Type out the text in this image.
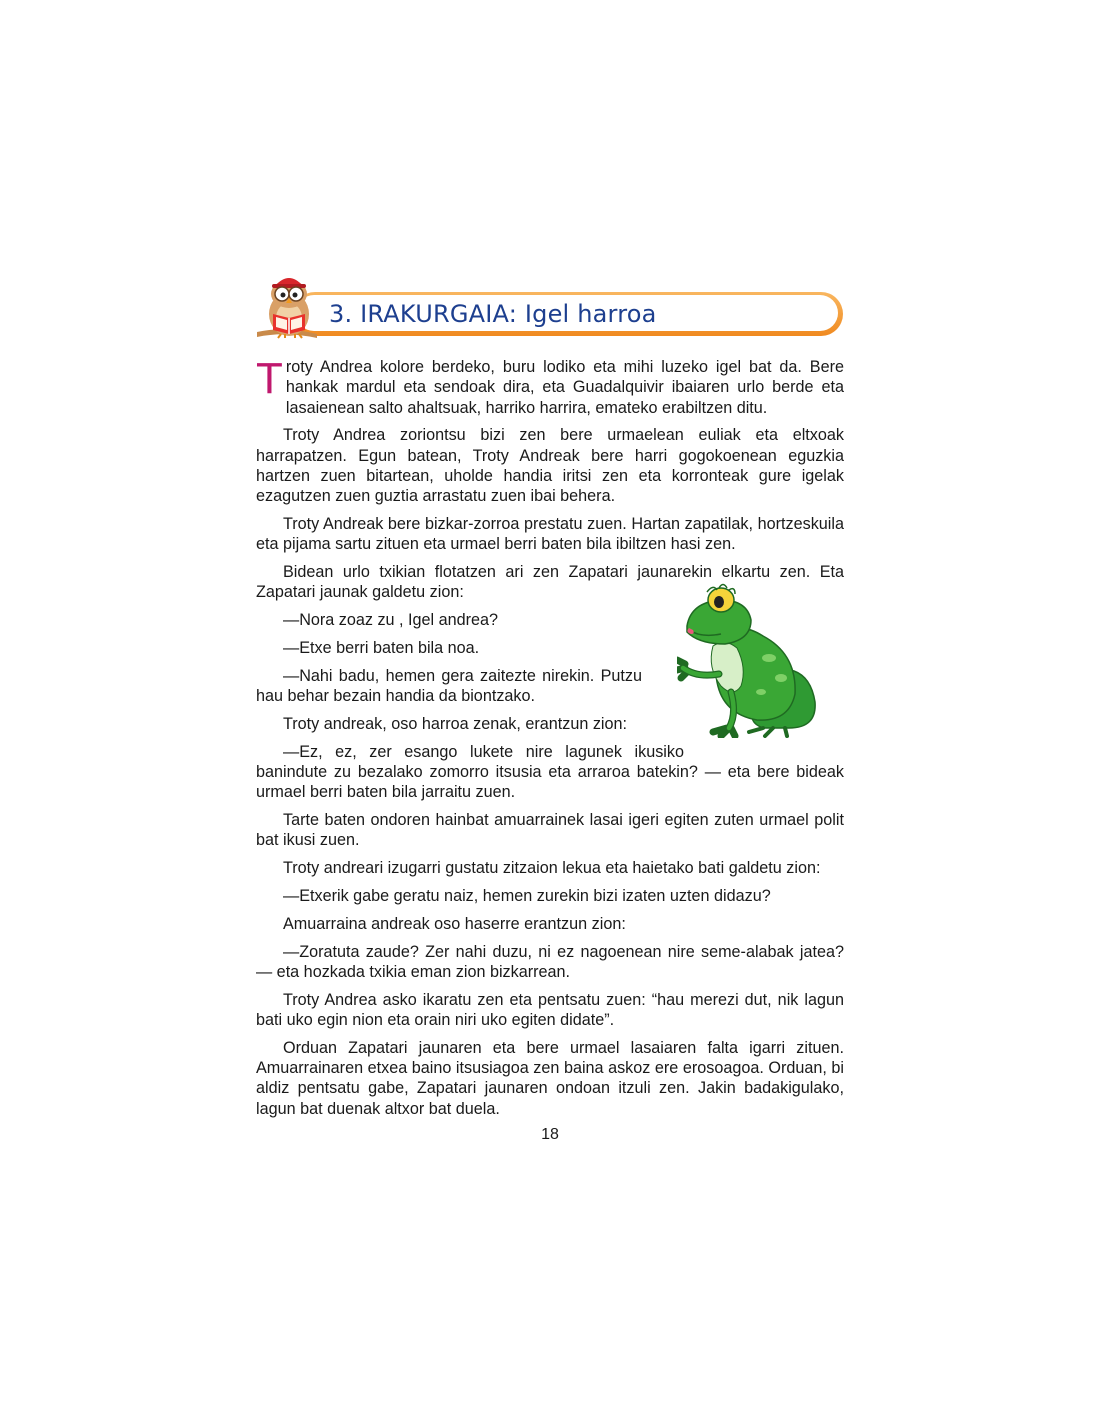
3. IRAKURGAIA: Igel harroa

Troty Andrea kolore berdeko, buru lodiko eta mihi luzeko igel bat da. Bere hankak mardul eta sendoak dira, eta Guadalquivir ibaiaren urlo berde eta lasaienean salto ahaltsuak, harriko harrira, emateko erabiltzen ditu.

Troty Andrea zoriontsu bizi zen bere urmaelean euliak eta eltxoak harrapatzen. Egun batean, Troty Andreak bere harri gogokoenean eguzkia hartzen zuen bitartean, uholde handia iritsi zen eta korronteak gure igelak ezagutzen zuen guztia arrastatu zuen ibai behera.

Troty Andreak bere bizkar-zorroa prestatu zuen. Hartan zapatilak, hortzeskuila eta pijama sartu zituen eta urmael berri baten bila ibiltzen hasi zen.

Bidean urlo txikian flotatzen ari zen Zapatari jaunarekin elkartu zen. Eta Zapatari jaunak galdetu zion:

—Nora zoaz zu , Igel andrea?

—Etxe berri baten bila noa.

—Nahi badu, hemen gera zaitezte nirekin. Putzu hau behar bezain handia da biontzako.

Troty andreak, oso harroa zenak, erantzun zion:

—Ez, ez, zer esango lukete nire lagunek ikusiko banindute zu bezalako zomorro itsusia eta arraroa batekin? — eta bere bideak urmael berri baten bila jarraitu zuen.

Tarte baten ondoren hainbat amuarrainek lasai igeri egiten zuten urmael polit bat ikusi zuen.

Troty andreari izugarri gustatu zitzaion lekua eta haietako bati galdetu zion:

—Etxerik gabe geratu naiz, hemen zurekin bizi izaten uzten didazu?

Amuarraina andreak oso haserre erantzun zion:

—Zoratuta zaude? Zer nahi duzu, ni ez nagoenean nire seme-alabak jatea? — eta hozkada txikia eman zion bizkarrean.

Troty Andrea asko ikaratu zen eta pentsatu zuen: “hau merezi dut, nik lagun bati uko egin nion eta orain niri uko egiten didate”.

Orduan Zapatari jaunaren eta bere urmael lasaiaren falta igarri zituen. Amuarrainaren etxea baino itsusiagoa zen baina askoz ere erosoagoa. Orduan, bi aldiz pentsatu gabe, Zapatari jaunaren ondoan itzuli zen. Jakin badakigulako, lagun bat duenak altxor bat duela.

18
